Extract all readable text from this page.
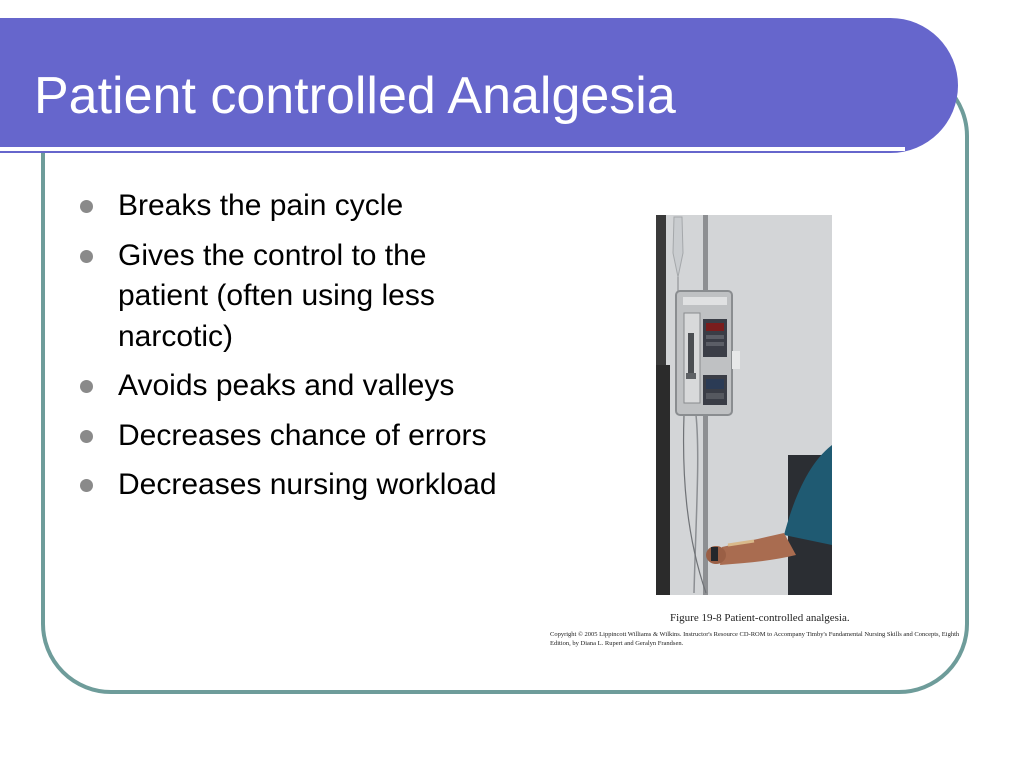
Patient controlled Analgesia
Breaks the pain cycle
Gives the control to the patient (often using less narcotic)
Avoids peaks and valleys
Decreases chance of errors
Decreases nursing workload
Figure 19-8 Patient-controlled analgesia.
Copyright © 2005 Lippincott Williams & Wilkins. Instructor's Resource CD-ROM to Accompany Timby's Fundamental Nursing Skills and Concepts, Eighth Edition, by Diana L. Rupert and Geralyn Frandsen.
